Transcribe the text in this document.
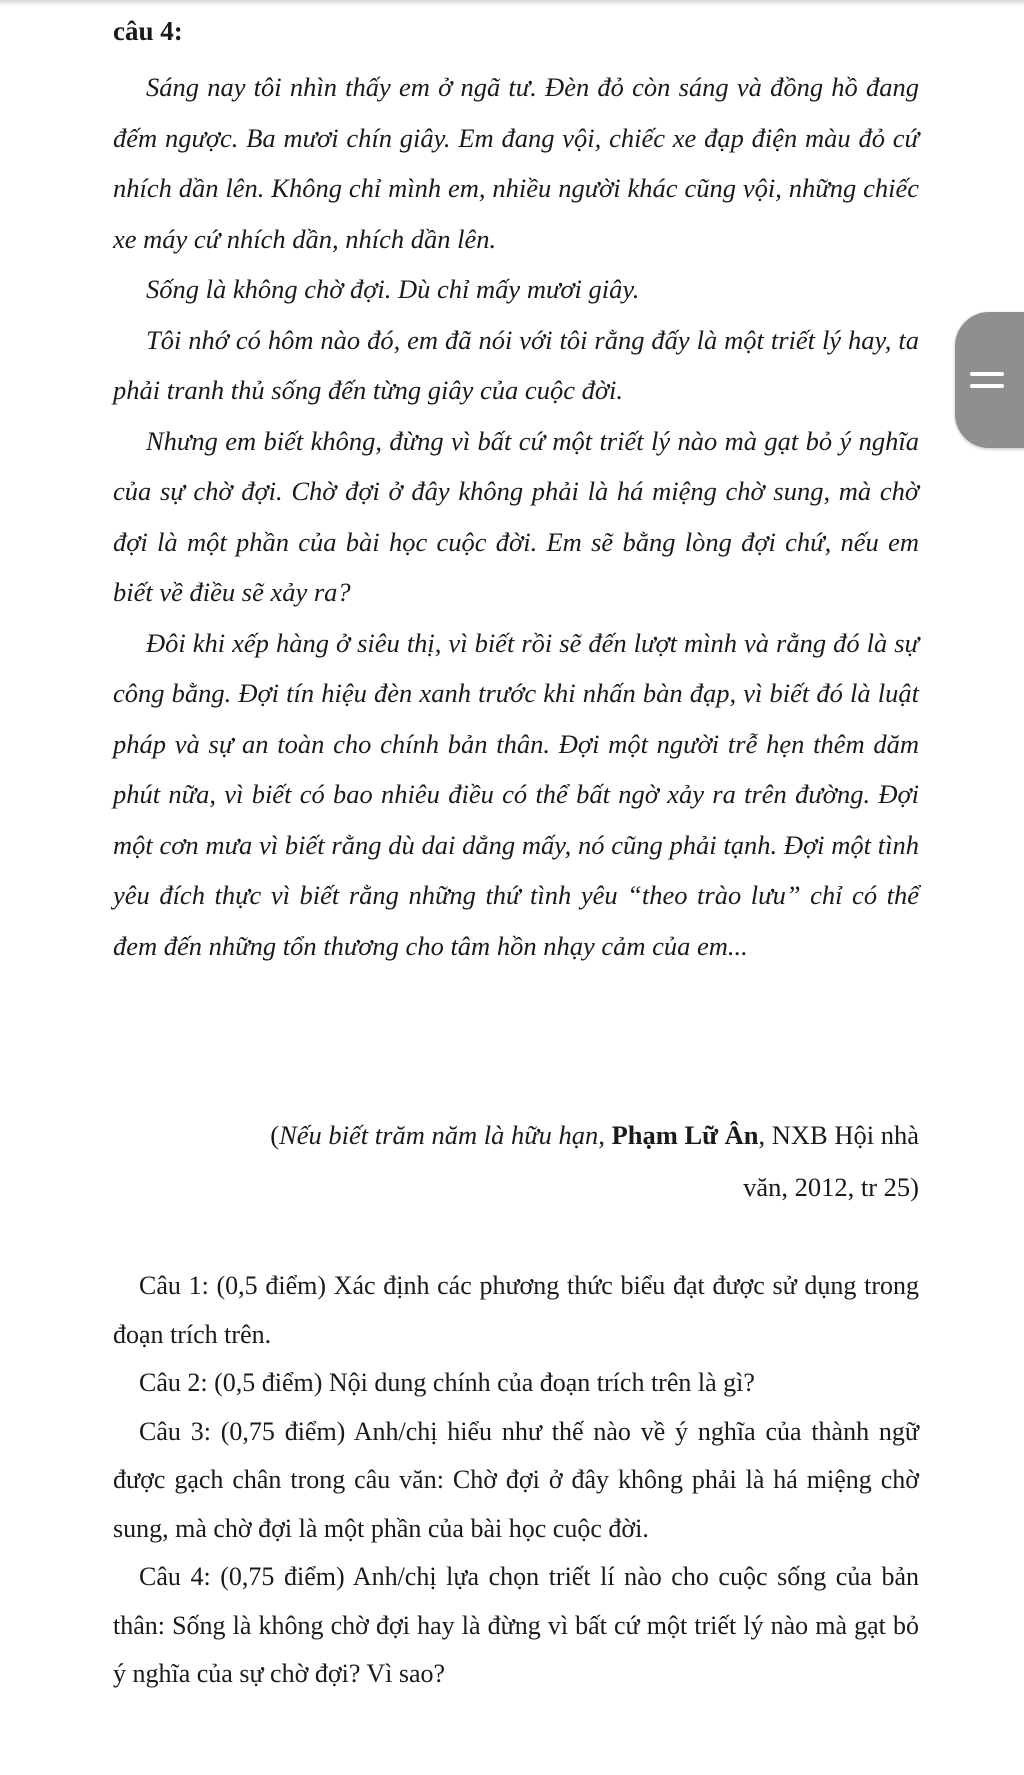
câu 4:

Sáng nay tôi nhìn thấy em ở ngã tư. Đèn đỏ còn sáng và đồng hồ đang đếm ngược. Ba mươi chín giây. Em đang vội, chiếc xe đạp điện màu đỏ cứ nhích dần lên. Không chỉ mình em, nhiều người khác cũng vội, những chiếc xe máy cứ nhích dần, nhích dần lên.

Sống là không chờ đợi. Dù chỉ mấy mươi giây.

Tôi nhớ có hôm nào đó, em đã nói với tôi rằng đấy là một triết lý hay, ta phải tranh thủ sống đến từng giây của cuộc đời.

Nhưng em biết không, đừng vì bất cứ một triết lý nào mà gạt bỏ ý nghĩa của sự chờ đợi. Chờ đợi ở đây không phải là há miệng chờ sung, mà chờ đợi là một phần của bài học cuộc đời. Em sẽ bằng lòng đợi chứ, nếu em biết về điều sẽ xảy ra?

Đôi khi xếp hàng ở siêu thị, vì biết rồi sẽ đến lượt mình và rằng đó là sự công bằng. Đợi tín hiệu đèn xanh trước khi nhấn bàn đạp, vì biết đó là luật pháp và sự an toàn cho chính bản thân. Đợi một người trễ hẹn thêm dăm phút nữa, vì biết có bao nhiêu điều có thể bất ngờ xảy ra trên đường. Đợi một cơn mưa vì biết rằng dù dai dẳng mấy, nó cũng phải tạnh. Đợi một tình yêu đích thực vì biết rằng những thứ tình yêu “theo trào lưu” chỉ có thể đem đến những tổn thương cho tâm hồn nhạy cảm của em...

(Nếu biết trăm năm là hữu hạn, Phạm Lữ Ân, NXB Hội nhà
văn, 2012, tr 25)

Câu 1: (0,5 điểm) Xác định các phương thức biểu đạt được sử dụng trong đoạn trích trên.

Câu 2: (0,5 điểm) Nội dung chính của đoạn trích trên là gì?

Câu 3: (0,75 điểm) Anh/chị hiểu như thế nào về ý nghĩa của thành ngữ được gạch chân trong câu văn: Chờ đợi ở đây không phải là há miệng chờ sung, mà chờ đợi là một phần của bài học cuộc đời.

Câu 4: (0,75 điểm) Anh/chị lựa chọn triết lí nào cho cuộc sống của bản thân: Sống là không chờ đợi hay là đừng vì bất cứ một triết lý nào mà gạt bỏ ý nghĩa của sự chờ đợi? Vì sao?
